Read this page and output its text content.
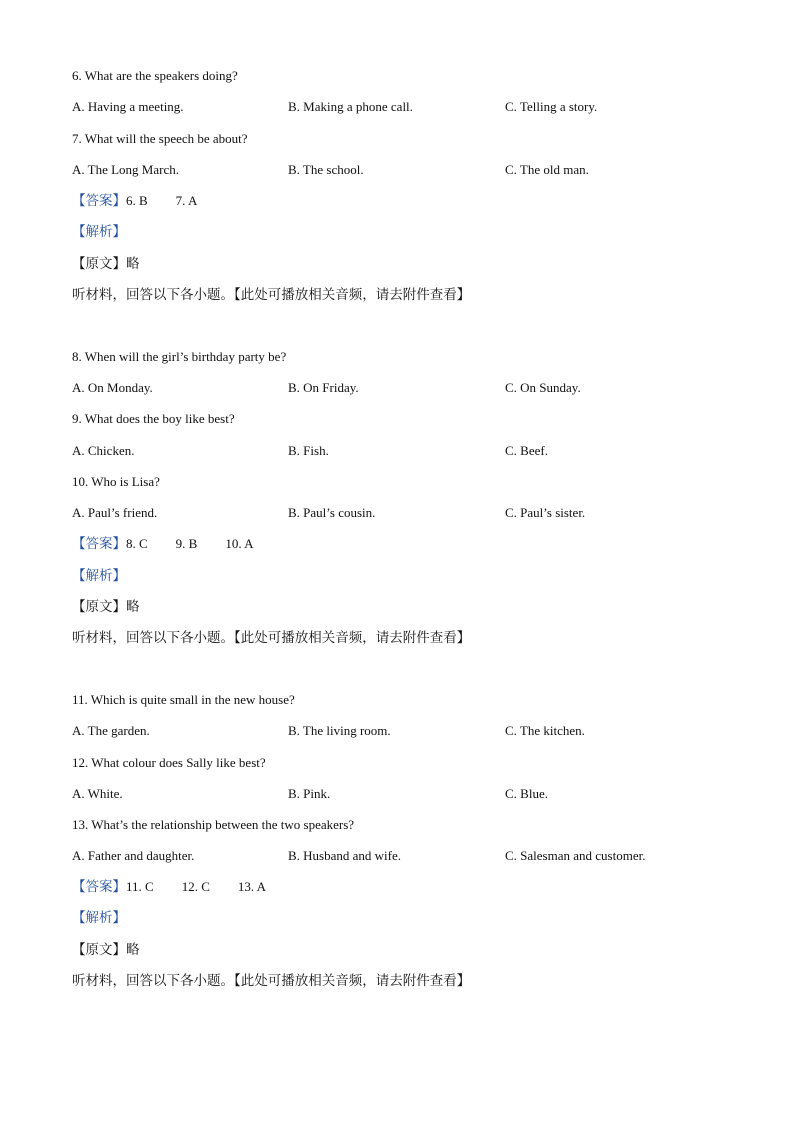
6. What are the speakers doing?
A. Having a meeting.	B. Making a phone call.	C. Telling a story.
7. What will the speech be about?
A. The Long March.	B. The school.	C. The old man.
【答案】6. B 7. A
【解析】
【原文】略
听材料，回答以下各小题。【此处可播放相关音频，请去附件查看】
8. When will the girl’s birthday party be?
A. On Monday.	B. On Friday.	C. On Sunday.
9. What does the boy like best?
A. Chicken.	B. Fish.	C. Beef.
10. Who is Lisa?
A. Paul’s friend.	B. Paul’s cousin.	C. Paul’s sister.
【答案】8. C 9. B 10. A
【解析】
【原文】略
听材料，回答以下各小题。【此处可播放相关音频，请去附件查看】
11. Which is quite small in the new house?
A. The garden.	B. The living room.	C. The kitchen.
12. What colour does Sally like best?
A. White.	B. Pink.	C. Blue.
13. What’s the relationship between the two speakers?
A. Father and daughter.	B. Husband and wife.	C. Salesman and customer.
【答案】11. C 12. C 13. A
【解析】
【原文】略
听材料，回答以下各小题。【此处可播放相关音频，请去附件查看】
